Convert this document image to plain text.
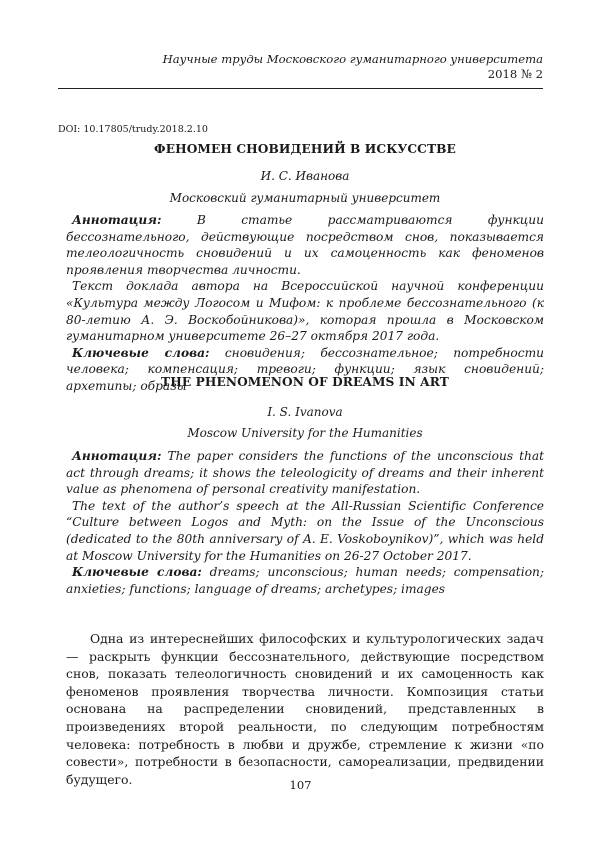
Научные труды Московского гуманитарного университета
2018 № 2
DOI: 10.17805/trudy.2018.2.10
ФЕНОМЕН СНОВИДЕНИЙ В ИСКУССТВЕ
И. С. Иванова
Московский гуманитарный университет

Аннотация:	В статье рассматриваются функции бессознательного, действующие посредством снов, показывается телеологичность сновидений и их самоценность как феноменов проявления творчества личности.

Текст доклада автора на Всероссийской научной конференции «Культура между Логосом и Мифом: к проблеме бессознательного (к 80-летию А. Э. Воскобойникова)», которая прошла в Московском гуманитарном университете 26–27 октября 2017 года.

Ключевые слова: сновидения; бессознательное; потребности человека; компенсация; тревоги; функции; язык сновидений; архетипы; образы

THE PHENOMENON OF DREAMS IN ART
I. S. Ivanova
Moscow University for the Humanities

Аннотация: The paper considers the functions of the unconscious that act through dreams; it shows the teleologicity of dreams and their inherent value as phenomena of personal creativity manifestation.

The text of the author’s speech at the All-Russian Scientific Conference “Culture between Logos and Myth: on the Issue of the Unconscious (dedicated to the 80th anniversary of A. E. Voskoboynikov)”, which was held at Moscow University for the Humanities on 26-27 October 2017.

Ключевые слова: dreams; unconscious; human needs; compensation; anxieties; functions; language of dreams; archetypes; images

Одна из интереснейших философских и культурологических задач — раскрыть функции бессознательного, действующие посредством снов, показать телеологичность сновидений и их самоценность как феноменов проявления творчества личности. Композиция статьи основана на распределении сновидений, представленных в произведениях второй реальности, по следующим потребностям человека: потребность в любви и дружбе, стремление к жизни «по совести», потребности в безопасности, самореализации, предвидении будущего.	107
